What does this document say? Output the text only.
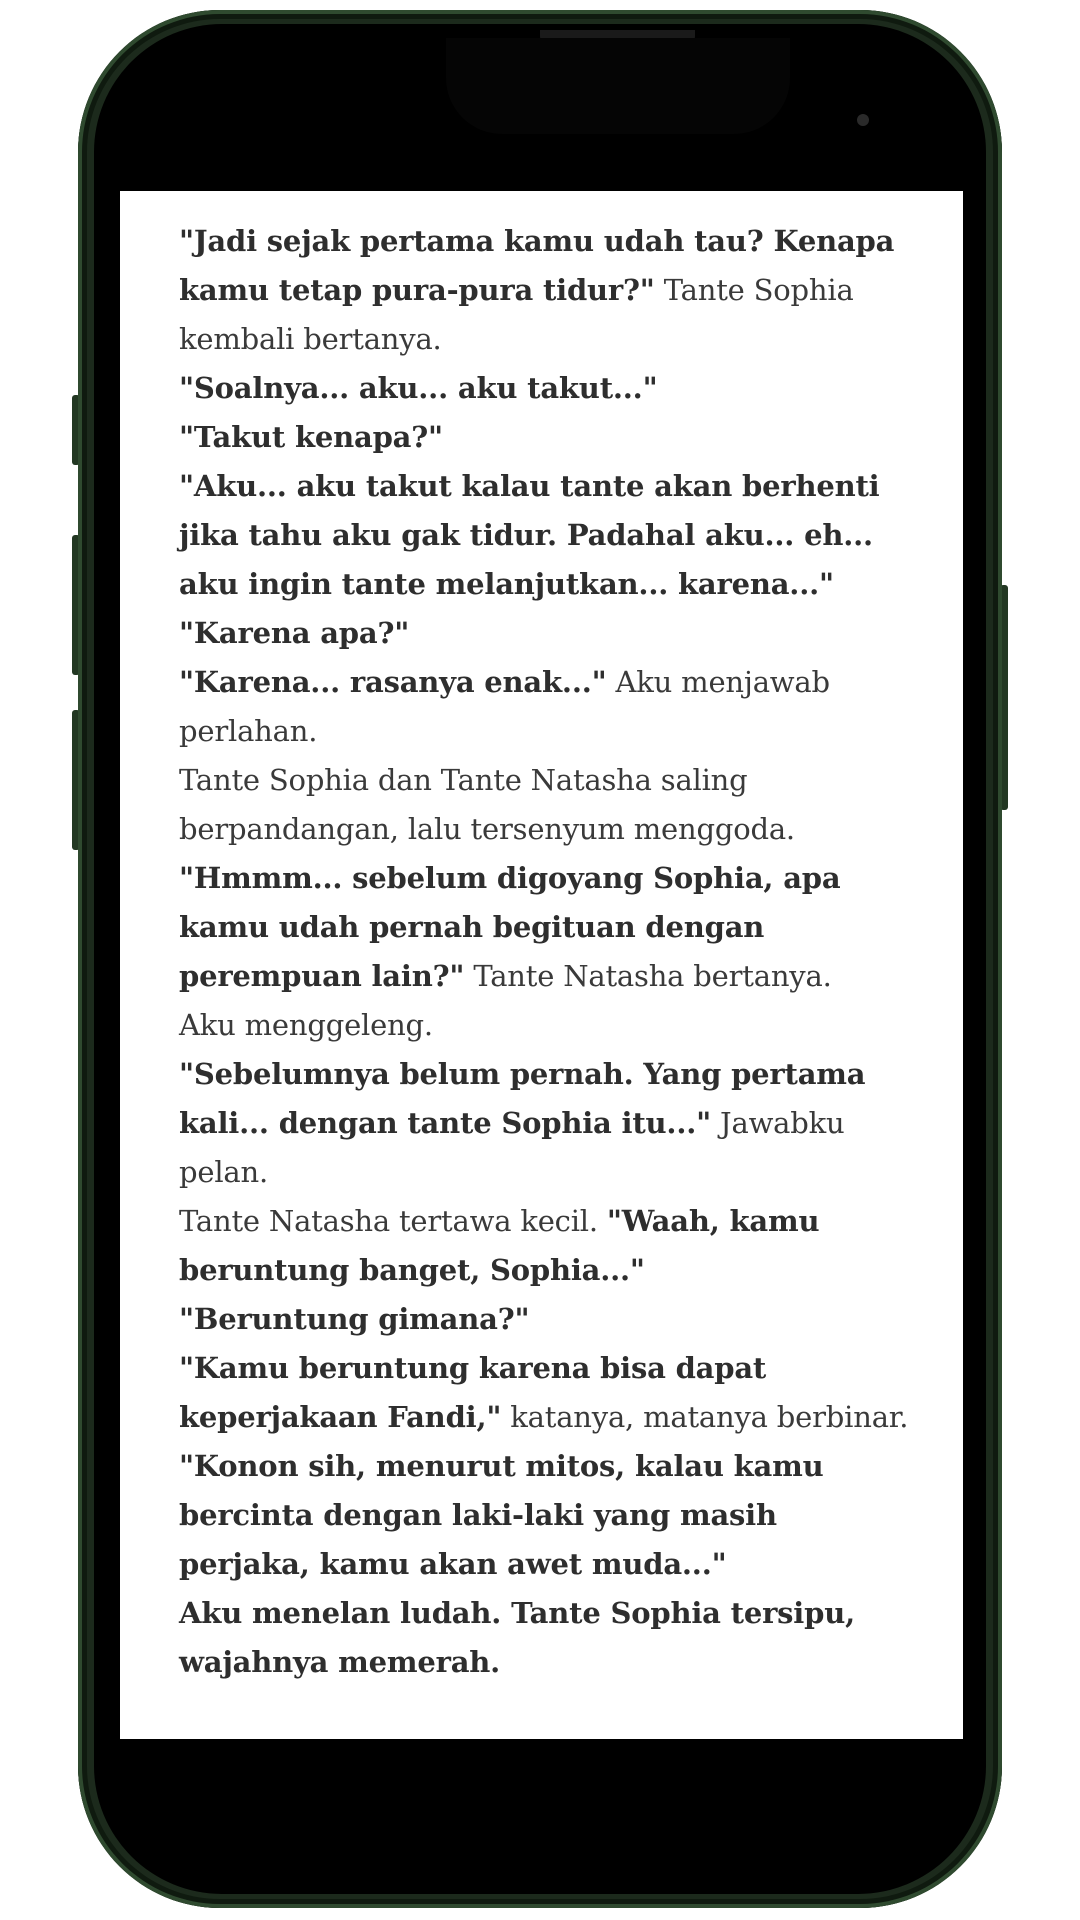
"Jadi sejak pertama kamu udah tau? Kenapa kamu tetap pura-pura tidur?" Tante Sophia kembali bertanya.

"Soalnya... aku... aku takut..."

"Takut kenapa?"

"Aku... aku takut kalau tante akan berhenti jika tahu aku gak tidur. Padahal aku... eh... aku ingin tante melanjutkan... karena..."

"Karena apa?"

"Karena... rasanya enak..." Aku menjawab perlahan.

Tante Sophia dan Tante Natasha saling berpandangan, lalu tersenyum menggoda.

"Hmmm... sebelum digoyang Sophia, apa kamu udah pernah begituan dengan perempuan lain?" Tante Natasha bertanya.

Aku menggeleng.

"Sebelumnya belum pernah. Yang pertama kali... dengan tante Sophia itu..." Jawabku pelan.

Tante Natasha tertawa kecil. "Waah, kamu beruntung banget, Sophia..."

"Beruntung gimana?"

"Kamu beruntung karena bisa dapat keperjakaan Fandi," katanya, matanya berbinar. "Konon sih, menurut mitos, kalau kamu bercinta dengan laki-laki yang masih perjaka, kamu akan awet muda..."

Aku menelan ludah. Tante Sophia tersipu, wajahnya memerah.
